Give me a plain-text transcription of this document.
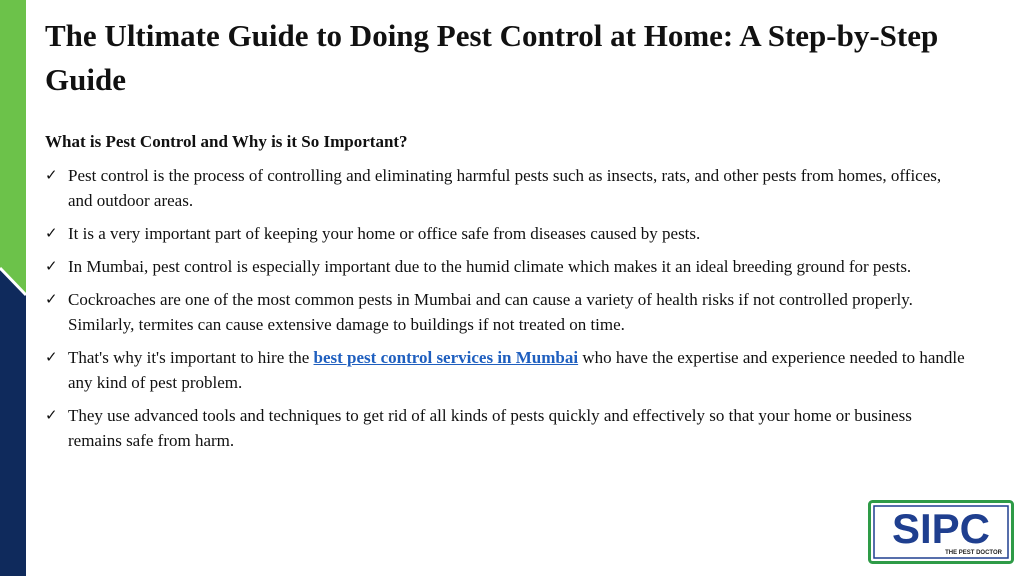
The Ultimate Guide to Doing Pest Control at Home: A Step-by-Step Guide
What is Pest Control and Why is it So Important?
✓ Pest control is the process of controlling and eliminating harmful pests such as insects, rats, and other pests from homes, offices, and outdoor areas.
✓ It is a very important part of keeping your home or office safe from diseases caused by pests.
✓ In Mumbai, pest control is especially important due to the humid climate which makes it an ideal breeding ground for pests.
✓ Cockroaches are one of the most common pests in Mumbai and can cause a variety of health risks if not controlled properly. Similarly, termites can cause extensive damage to buildings if not treated on time.
✓ That's why it's important to hire the best pest control services in Mumbai who have the expertise and experience needed to handle any kind of pest problem.
✓ They use advanced tools and techniques to get rid of all kinds of pests quickly and effectively so that your home or business remains safe from harm.
SIPC
THE PEST DOCTOR
